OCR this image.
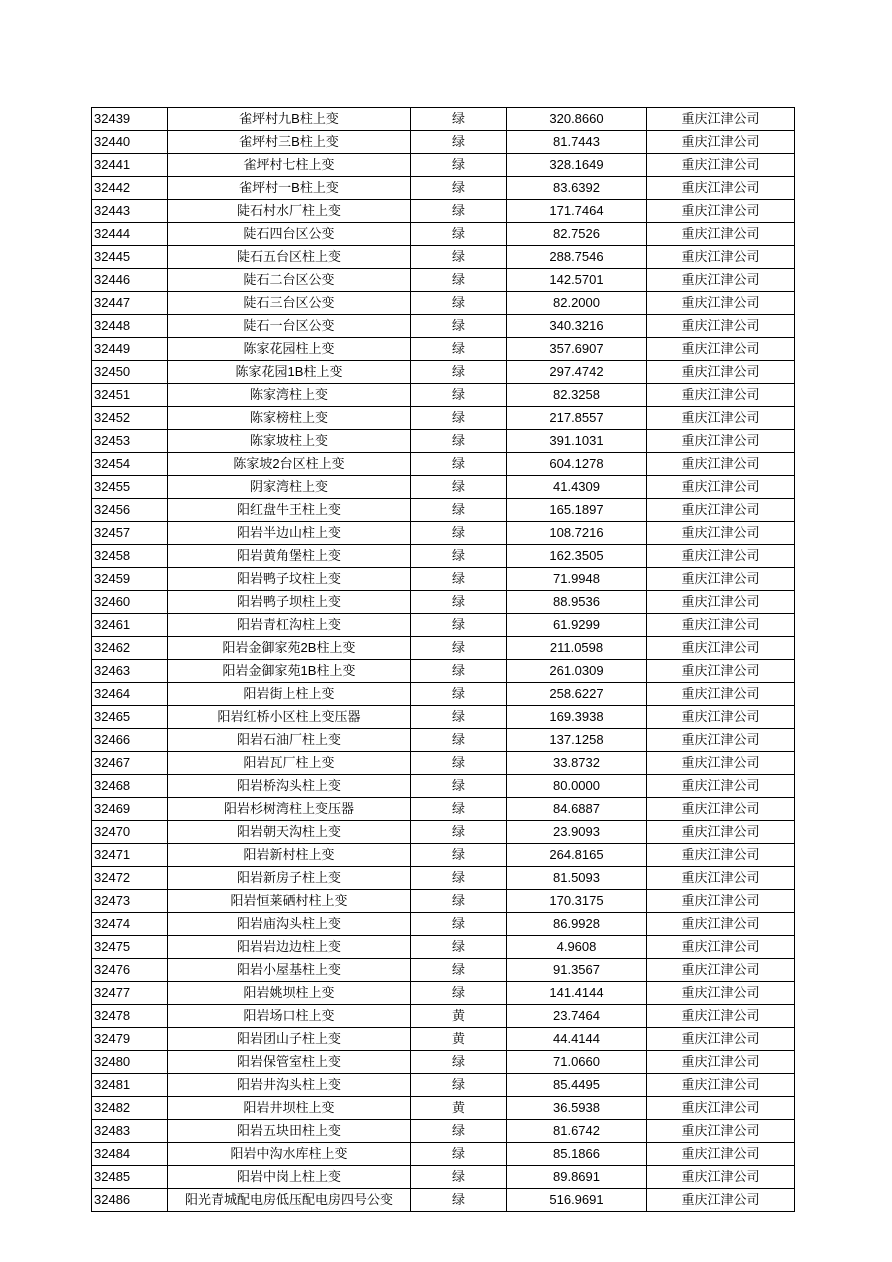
32439	雀坪村九B柱上变	绿	320.8660	重庆江津公司
32440	雀坪村三B柱上变	绿	81.7443	重庆江津公司
32441	雀坪村七柱上变	绿	328.1649	重庆江津公司
32442	雀坪村一B柱上变	绿	83.6392	重庆江津公司
32443	陡石村水厂柱上变	绿	171.7464	重庆江津公司
32444	陡石四台区公变	绿	82.7526	重庆江津公司
32445	陡石五台区柱上变	绿	288.7546	重庆江津公司
32446	陡石二台区公变	绿	142.5701	重庆江津公司
32447	陡石三台区公变	绿	82.2000	重庆江津公司
32448	陡石一台区公变	绿	340.3216	重庆江津公司
32449	陈家花园柱上变	绿	357.6907	重庆江津公司
32450	陈家花园1B柱上变	绿	297.4742	重庆江津公司
32451	陈家湾柱上变	绿	82.3258	重庆江津公司
32452	陈家榜柱上变	绿	217.8557	重庆江津公司
32453	陈家坡柱上变	绿	391.1031	重庆江津公司
32454	陈家坡2台区柱上变	绿	604.1278	重庆江津公司
32455	阴家湾柱上变	绿	41.4309	重庆江津公司
32456	阳红盘牛王柱上变	绿	165.1897	重庆江津公司
32457	阳岩半边山柱上变	绿	108.7216	重庆江津公司
32458	阳岩黄角堡柱上变	绿	162.3505	重庆江津公司
32459	阳岩鸭子坟柱上变	绿	71.9948	重庆江津公司
32460	阳岩鸭子坝柱上变	绿	88.9536	重庆江津公司
32461	阳岩青杠沟柱上变	绿	61.9299	重庆江津公司
32462	阳岩金御家苑2B柱上变	绿	211.0598	重庆江津公司
32463	阳岩金御家苑1B柱上变	绿	261.0309	重庆江津公司
32464	阳岩街上柱上变	绿	258.6227	重庆江津公司
32465	阳岩红桥小区柱上变压器	绿	169.3938	重庆江津公司
32466	阳岩石油厂柱上变	绿	137.1258	重庆江津公司
32467	阳岩瓦厂柱上变	绿	33.8732	重庆江津公司
32468	阳岩桥沟头柱上变	绿	80.0000	重庆江津公司
32469	阳岩杉树湾柱上变压器	绿	84.6887	重庆江津公司
32470	阳岩朝天沟柱上变	绿	23.9093	重庆江津公司
32471	阳岩新村柱上变	绿	264.8165	重庆江津公司
32472	阳岩新房子柱上变	绿	81.5093	重庆江津公司
32473	阳岩恒莱硒村柱上变	绿	170.3175	重庆江津公司
32474	阳岩庙沟头柱上变	绿	86.9928	重庆江津公司
32475	阳岩岩边边柱上变	绿	4.9608	重庆江津公司
32476	阳岩小屋基柱上变	绿	91.3567	重庆江津公司
32477	阳岩姚坝柱上变	绿	141.4144	重庆江津公司
32478	阳岩场口柱上变	黄	23.7464	重庆江津公司
32479	阳岩团山子柱上变	黄	44.4144	重庆江津公司
32480	阳岩保管室柱上变	绿	71.0660	重庆江津公司
32481	阳岩井沟头柱上变	绿	85.4495	重庆江津公司
32482	阳岩井坝柱上变	黄	36.5938	重庆江津公司
32483	阳岩五块田柱上变	绿	81.6742	重庆江津公司
32484	阳岩中沟水库柱上变	绿	85.1866	重庆江津公司
32485	阳岩中岗上柱上变	绿	89.8691	重庆江津公司
32486	阳光青城配电房低压配电房四号公变	绿	516.9691	重庆江津公司
